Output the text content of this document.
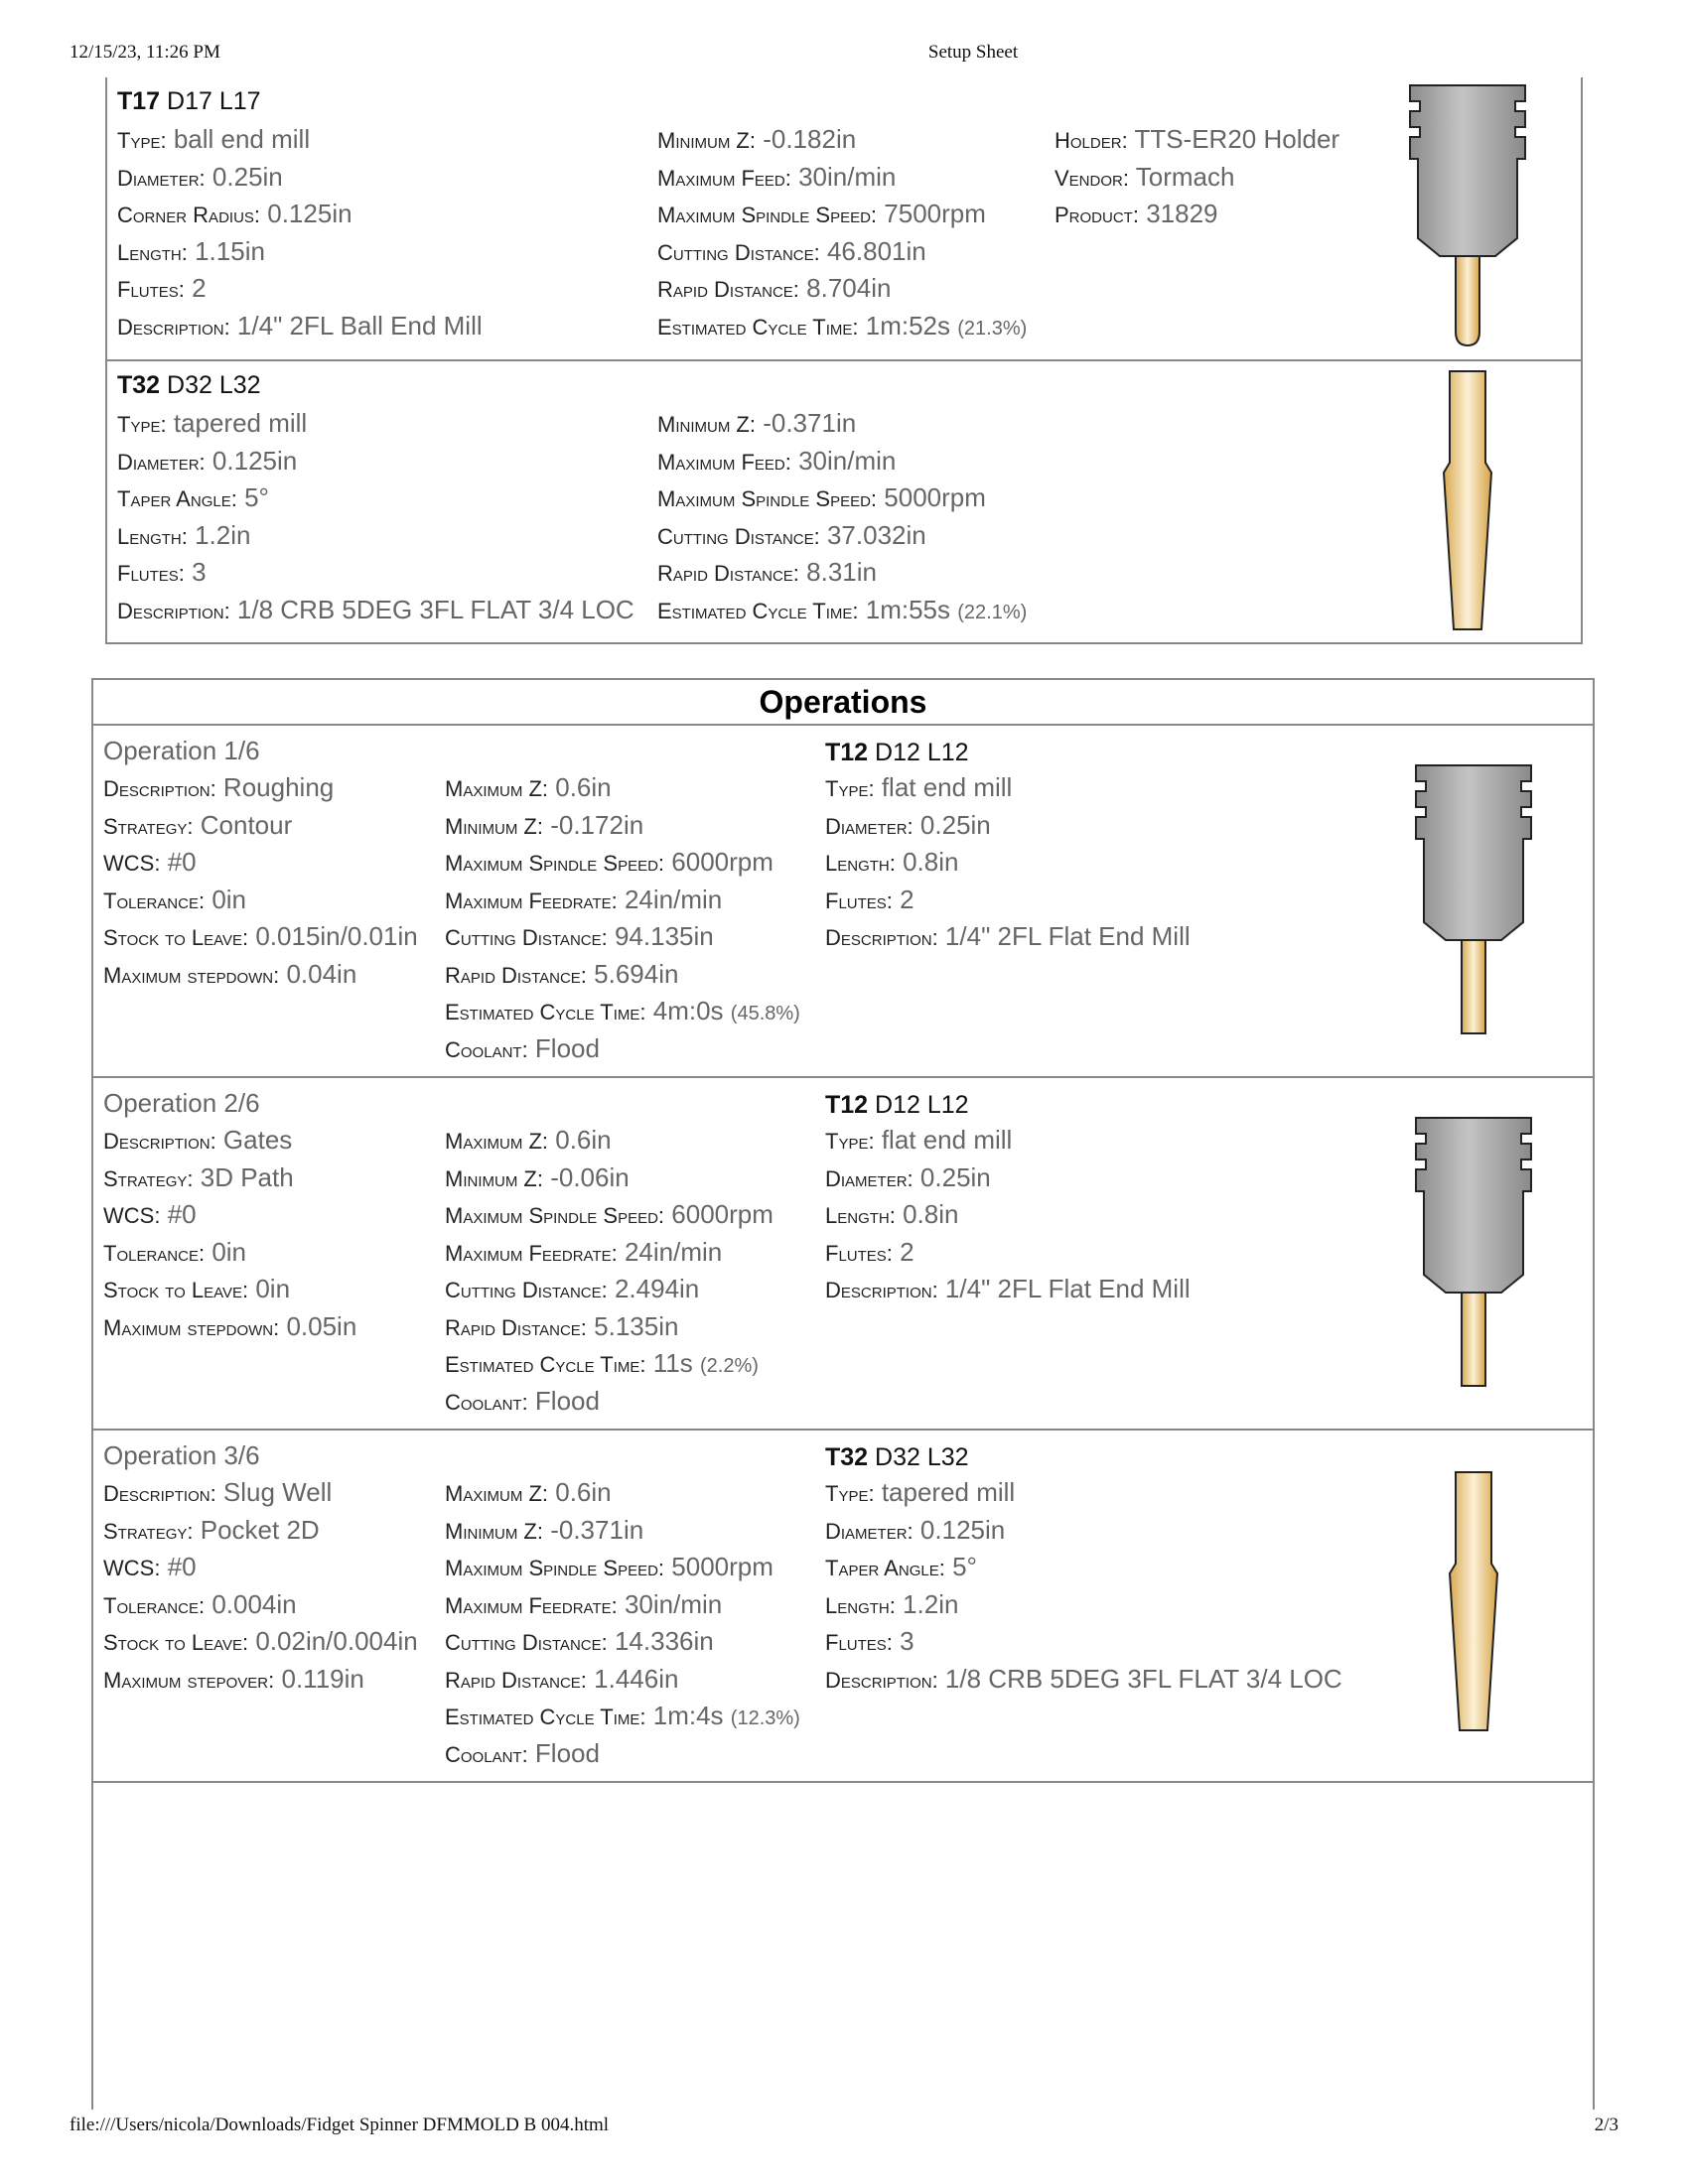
12/15/23, 11:26 PM	Setup Sheet
T17 D17 L17
Type: ball end mill
Diameter: 0.25in
Corner Radius: 0.125in
Length: 1.15in
Flutes: 2
Description: 1/4" 2FL Ball End Mill
Minimum Z: -0.182in
Maximum Feed: 30in/min
Maximum Spindle Speed: 7500rpm
Cutting Distance: 46.801in
Rapid Distance: 8.704in
Estimated Cycle Time: 1m:52s (21.3%)
Holder: TTS-ER20 Holder
Vendor: Tormach
Product: 31829
T32 D32 L32
Type: tapered mill
Diameter: 0.125in
Taper Angle: 5°
Length: 1.2in
Flutes: 3
Description: 1/8 CRB 5DEG 3FL FLAT 3/4 LOC
Minimum Z: -0.371in
Maximum Feed: 30in/min
Maximum Spindle Speed: 5000rpm
Cutting Distance: 37.032in
Rapid Distance: 8.31in
Estimated Cycle Time: 1m:55s (22.1%)
Operations
Operation 1/6
Description: Roughing
Strategy: Contour
WCS: #0
Tolerance: 0in
Stock to Leave: 0.015in/0.01in
Maximum stepdown: 0.04in
Maximum Z: 0.6in
Minimum Z: -0.172in
Maximum Spindle Speed: 6000rpm
Maximum Feedrate: 24in/min
Cutting Distance: 94.135in
Rapid Distance: 5.694in
Estimated Cycle Time: 4m:0s (45.8%)
Coolant: Flood
T12 D12 L12
Type: flat end mill
Diameter: 0.25in
Length: 0.8in
Flutes: 2
Description: 1/4" 2FL Flat End Mill
Operation 2/6
Description: Gates
Strategy: 3D Path
WCS: #0
Tolerance: 0in
Stock to Leave: 0in
Maximum stepdown: 0.05in
Maximum Z: 0.6in
Minimum Z: -0.06in
Maximum Spindle Speed: 6000rpm
Maximum Feedrate: 24in/min
Cutting Distance: 2.494in
Rapid Distance: 5.135in
Estimated Cycle Time: 11s (2.2%)
Coolant: Flood
T12 D12 L12
Type: flat end mill
Diameter: 0.25in
Length: 0.8in
Flutes: 2
Description: 1/4" 2FL Flat End Mill
Operation 3/6
Description: Slug Well
Strategy: Pocket 2D
WCS: #0
Tolerance: 0.004in
Stock to Leave: 0.02in/0.004in
Maximum stepover: 0.119in
Maximum Z: 0.6in
Minimum Z: -0.371in
Maximum Spindle Speed: 5000rpm
Maximum Feedrate: 30in/min
Cutting Distance: 14.336in
Rapid Distance: 1.446in
Estimated Cycle Time: 1m:4s (12.3%)
Coolant: Flood
T32 D32 L32
Type: tapered mill
Diameter: 0.125in
Taper Angle: 5°
Length: 1.2in
Flutes: 3
Description: 1/8 CRB 5DEG 3FL FLAT 3/4 LOC
file:///Users/nicola/Downloads/Fidget Spinner DFMMOLD B 004.html	2/3
